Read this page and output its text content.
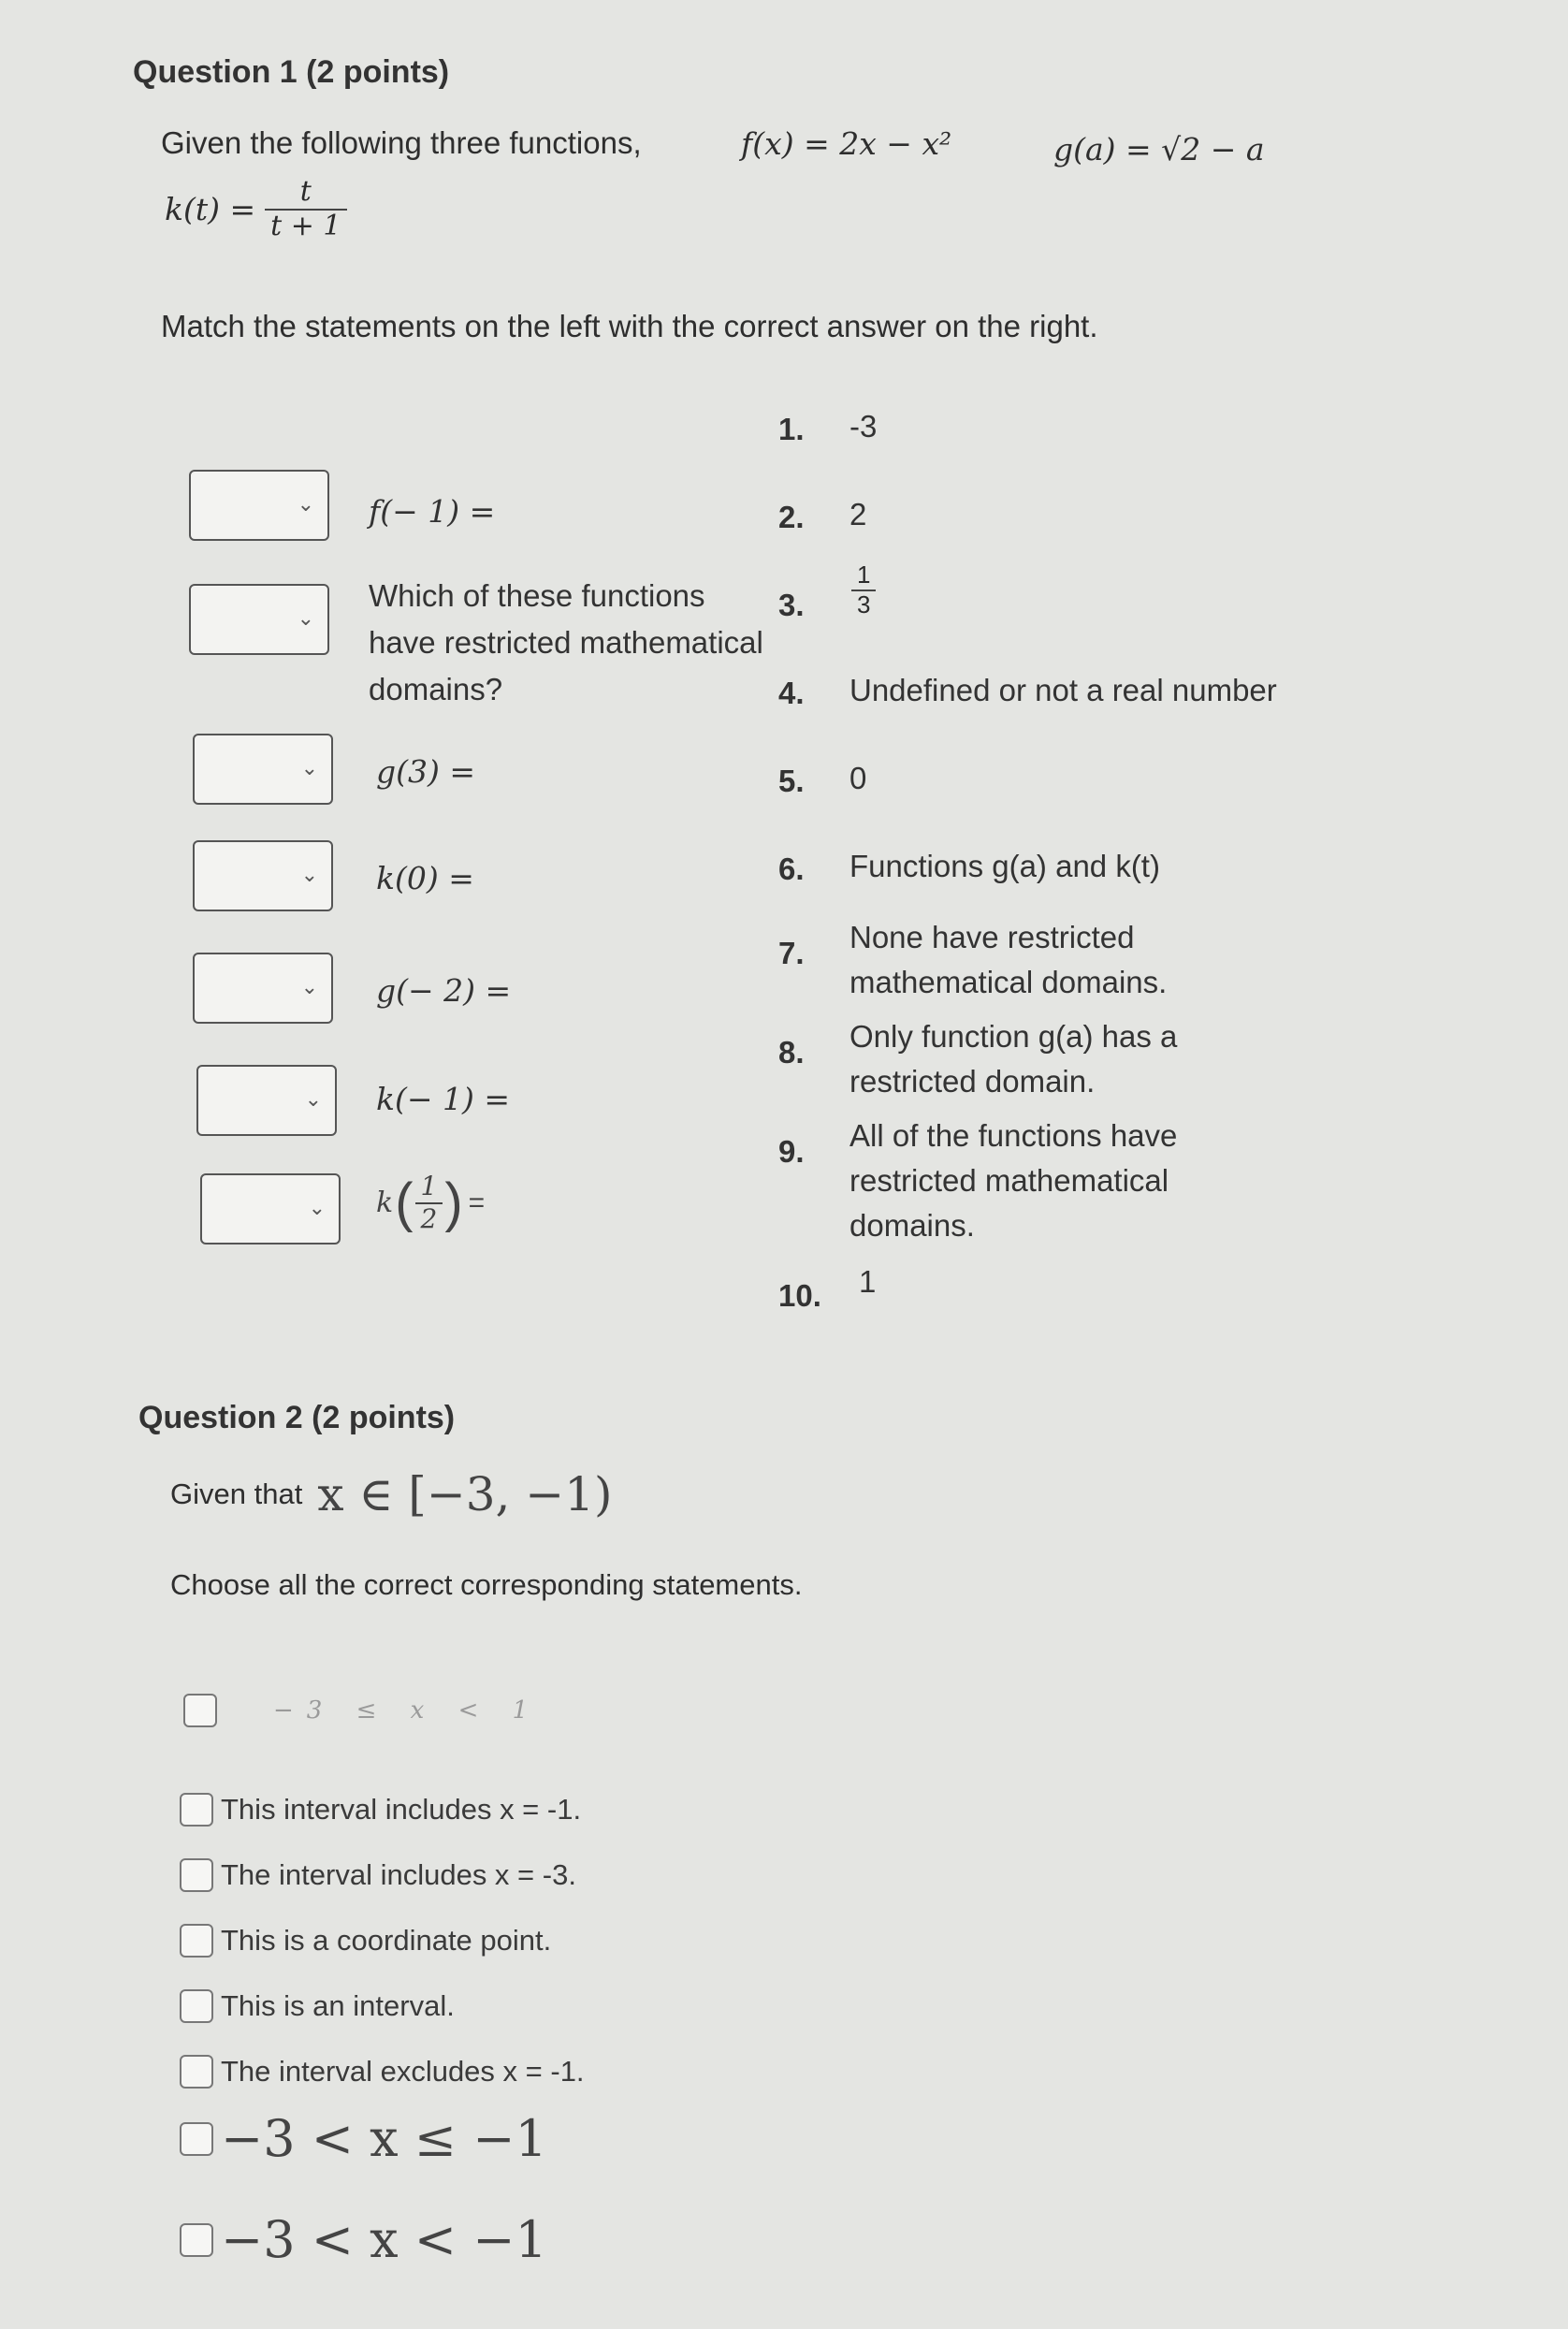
Question 1 (2 points)
Given the following three functions,	f(x) = 2x − x²	g(a) = √2 − a
$k(t) = \frac{t}{t + 1}$
Match the statements on the left with the correct answer on the right.
⌄ f(− 1) =
⌄
Which of these functions have restricted mathematical domains?
⌄ g(3) =
⌄ k(0) =
⌄ g(− 2) =
⌄ k(− 1) =
⌄ k ( $\frac{1}{2}$ ) =
1. -3
2. 2
3. $\frac{1}{3}$
4. Undefined or not a real number
5. 0
6. Functions g(a) and k(t)
7. None have restricted mathematical domains.
8. Only function g(a) has a restricted domain.
9. All of the functions have restricted mathematical domains.
10. 1
Question 2 (2 points)
Given that x ∈ [−3, −1)
Choose all the correct corresponding statements.
−3 ≤ x < 1
This interval includes x = -1.
The interval includes x = -3.
This is a coordinate point.
This is an interval.
The interval excludes x = -1.
−3 < x ≤ −1
−3 < x < −1
